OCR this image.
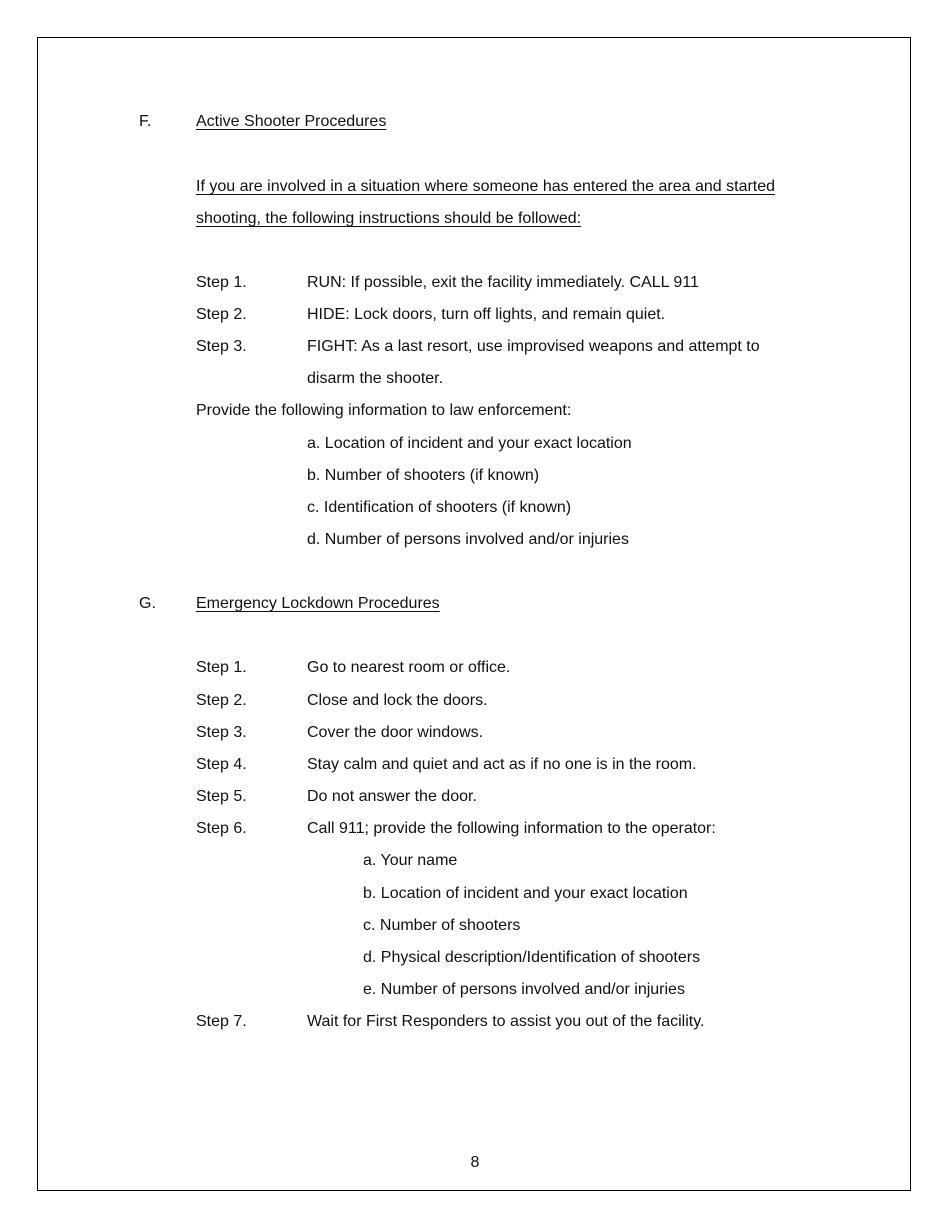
F.	Active Shooter Procedures
If you are involved in a situation where someone has entered the area and started
shooting, the following instructions should be followed:
Step 1.	RUN: If possible, exit the facility immediately. CALL 911
Step 2.	HIDE: Lock doors, turn off lights, and remain quiet.
Step 3.	FIGHT: As a last resort, use improvised weapons and attempt to
disarm the shooter.
Provide the following information to law enforcement:
a. Location of incident and your exact location
b. Number of shooters (if known)
c. Identification of shooters (if known)
d. Number of persons involved and/or injuries
G.	Emergency Lockdown Procedures
Step 1.	Go to nearest room or office.
Step 2.	Close and lock the doors.
Step 3.	Cover the door windows.
Step 4.	Stay calm and quiet and act as if no one is in the room.
Step 5.	Do not answer the door.
Step 6.	Call 911; provide the following information to the operator:
a. Your name
b. Location of incident and your exact location
c. Number of shooters
d. Physical description/Identification of shooters
e. Number of persons involved and/or injuries
Step 7.	Wait for First Responders to assist you out of the facility.
8
